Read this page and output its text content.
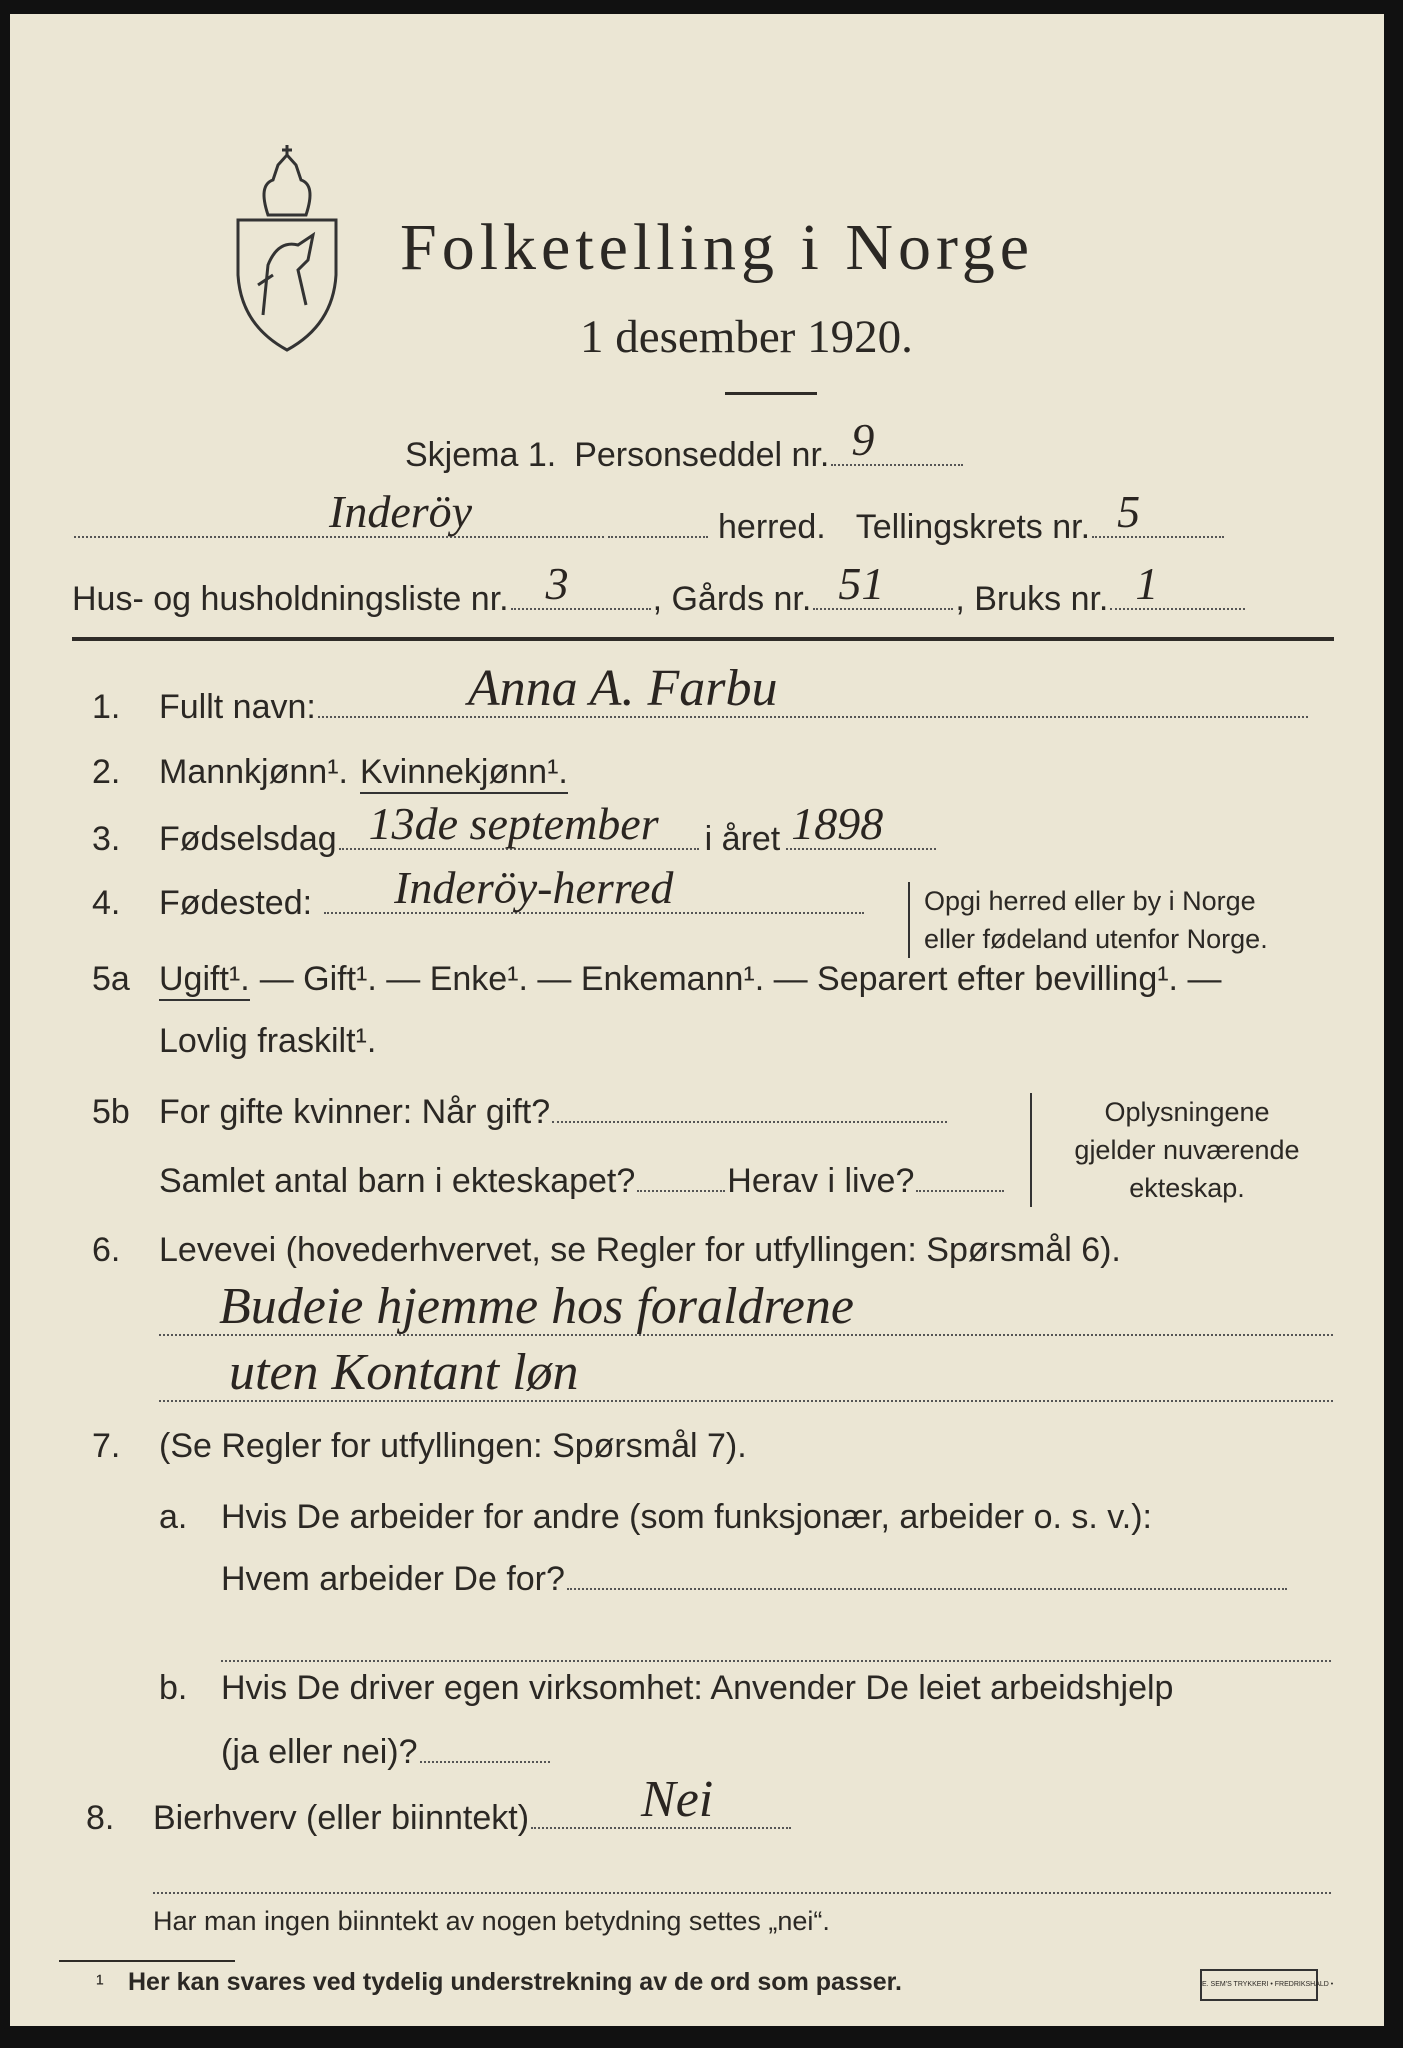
Folketelling i Norge
1 desember 1920.
Skjema 1. Personseddel nr. 9
Inderöy	herred. Tellingskrets nr. 5
Hus- og husholdningsliste nr. 3 , Gårds nr. 51 , Bruks nr. 1
1. Fullt navn:	Anna A. Farbu
2. Mannkjønn¹. Kvinnekjønn¹.
3. Fødselsdag 13de september i året 1898
4. Fødested: Inderöy-herred	Opgi herred eller by i Norge
eller fødeland utenfor Norge.
5a Ugift¹. — Gift¹. — Enke¹. — Enkemann¹. — Separert efter bevilling¹. —
Lovlig fraskilt¹.
5b For gifte kvinner: Når gift?
Samlet antal barn i ekteskapet?	Herav i live?
Oplysningene
gjelder nuværende
ekteskap.
6. Levevei (hovederhvervet, se Regler for utfyllingen: Spørsmål 6).
Budeie hjemme hos foraldrene
uten Kontant løn
7. (Se Regler for utfyllingen: Spørsmål 7).
a. Hvis De arbeider for andre (som funksjonær, arbeider o. s. v.):
Hvem arbeider De for?
b. Hvis De driver egen virksomhet: Anvender De leiet arbeidshjelp
(ja eller nei)?
8. Bierhverv (eller biinntekt) Nei
Har man ingen biinntekt av nogen betydning settes „nei“.
¹ Her kan svares ved tydelig understrekning av de ord som passer.	E. SEM'S TRYKKERI • FREDRIKSHALD •
